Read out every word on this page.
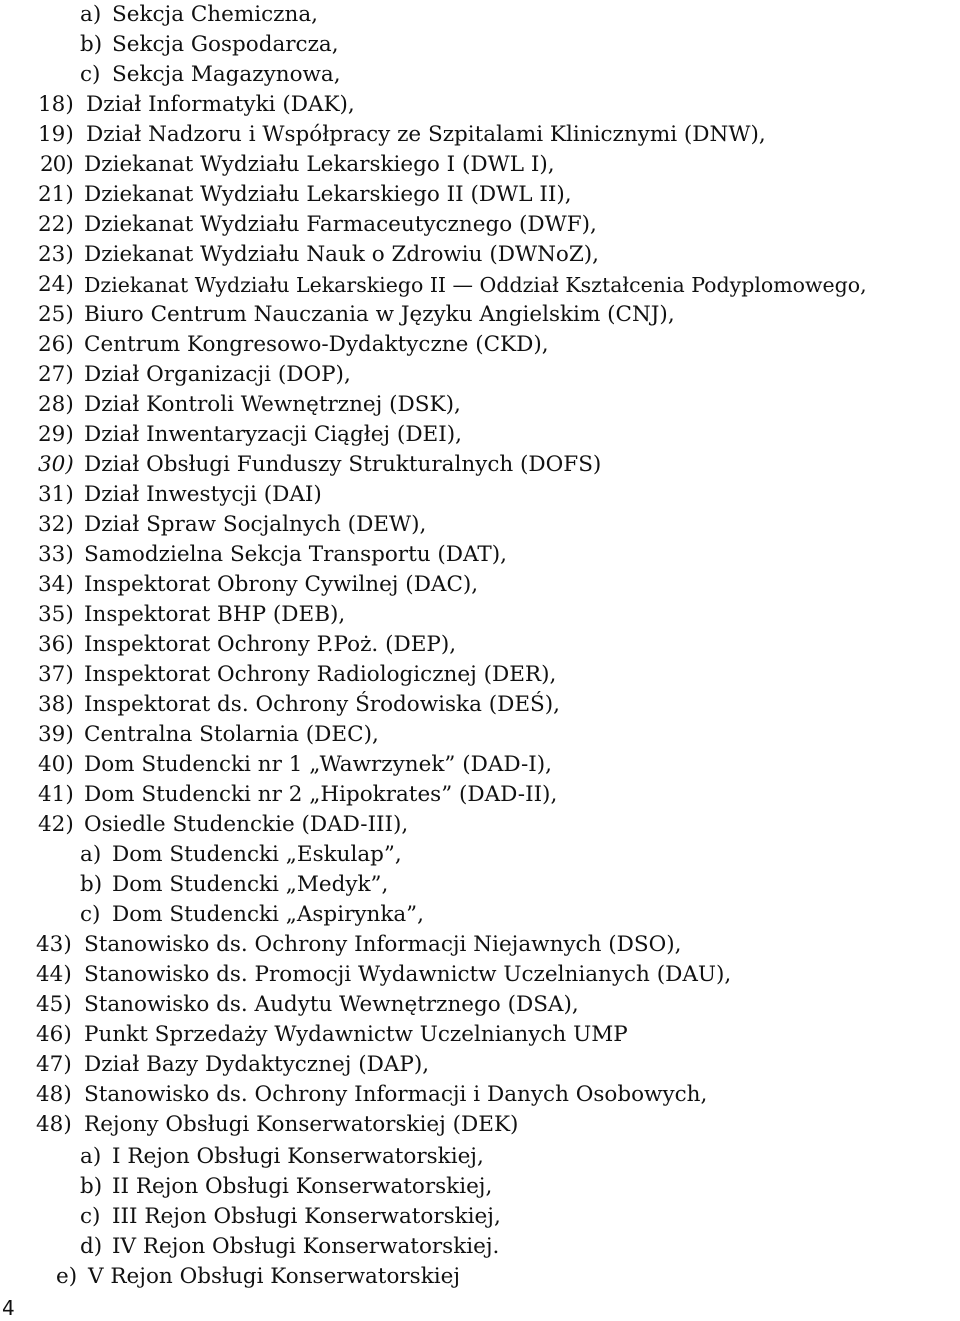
a) Sekcja Chemiczna,
b) Sekcja Gospodarcza,
c) Sekcja Magazynowa,
18) Dział Informatyki (DAK),
19) Dział Nadzoru i Współpracy ze Szpitalami Klinicznymi (DNW),
20) Dziekanat Wydziału Lekarskiego I (DWL I),
21) Dziekanat Wydziału Lekarskiego II (DWL II),
22) Dziekanat Wydziału Farmaceutycznego (DWF),
23) Dziekanat Wydziału Nauk o Zdrowiu (DWNoZ),
24) Dziekanat Wydziału Lekarskiego II — Oddział Kształcenia Podyplomowego,
25) Biuro Centrum Nauczania w Języku Angielskim (CNJ),
26) Centrum Kongresowo-Dydaktyczne (CKD),
27) Dział Organizacji (DOP),
28) Dział Kontroli Wewnętrznej (DSK),
29) Dział Inwentaryzacji Ciągłej (DEI),
30) Dział Obsługi Funduszy Strukturalnych (DOFS)
31) Dział Inwestycji (DAI)
32) Dział Spraw Socjalnych (DEW),
33) Samodzielna Sekcja Transportu (DAT),
34) Inspektorat Obrony Cywilnej (DAC),
35) Inspektorat BHP (DEB),
36) Inspektorat Ochrony P.Poż. (DEP),
37) Inspektorat Ochrony Radiologicznej (DER),
38) Inspektorat ds. Ochrony Środowiska (DEŚ),
39) Centralna Stolarnia (DEC),
40) Dom Studencki nr 1 „Wawrzynek” (DAD-I),
41) Dom Studencki nr 2 „Hipokrates” (DAD-II),
42) Osiedle Studenckie (DAD-III),
a) Dom Studencki „Eskulap”,
b) Dom Studencki „Medyk”,
c) Dom Studencki „Aspirynka”,
43) Stanowisko ds. Ochrony Informacji Niejawnych (DSO),
44) Stanowisko ds. Promocji Wydawnictw Uczelnianych (DAU),
45) Stanowisko ds. Audytu Wewnętrznego (DSA),
46) Punkt Sprzedaży Wydawnictw Uczelnianych UMP
47) Dział Bazy Dydaktycznej (DAP),
48) Stanowisko ds. Ochrony Informacji i Danych Osobowych,
48) Rejony Obsługi Konserwatorskiej (DEK)
a) I Rejon Obsługi Konserwatorskiej,
b) II Rejon Obsługi Konserwatorskiej,
c) III Rejon Obsługi Konserwatorskiej,
d) IV Rejon Obsługi Konserwatorskiej.
e) V Rejon Obsługi Konserwatorskiej
4
